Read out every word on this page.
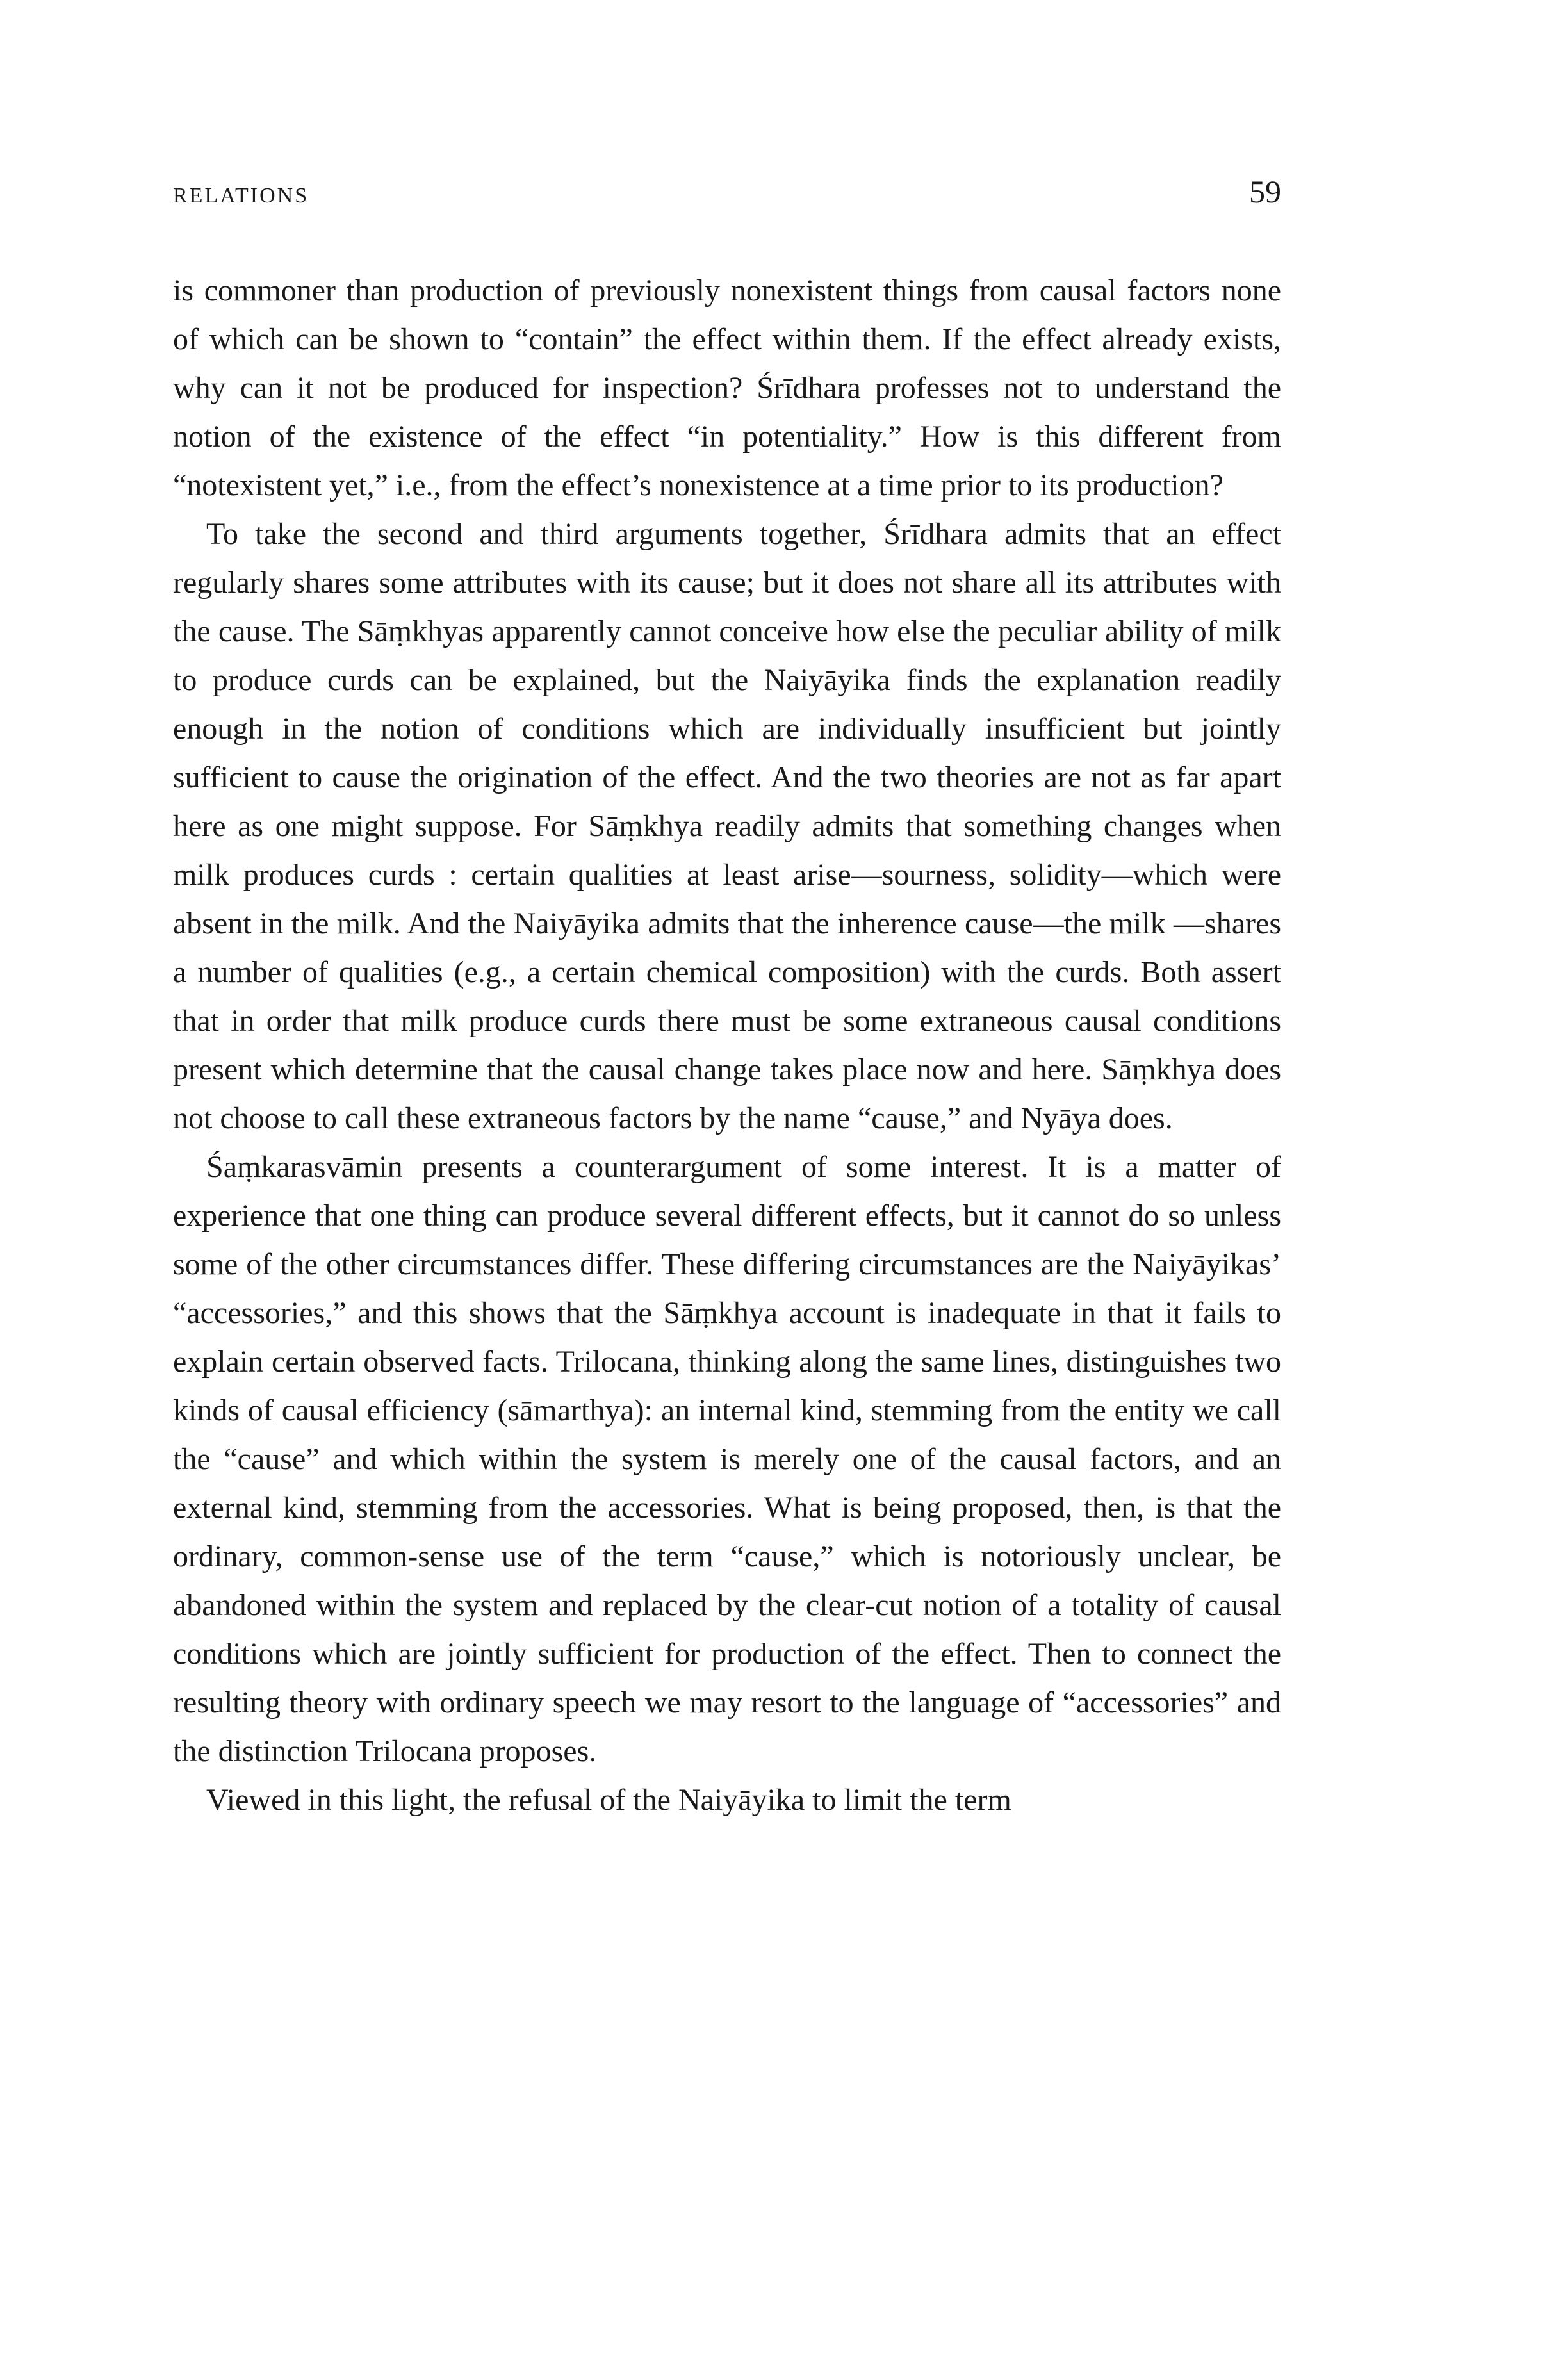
RELATIONS	59

is commoner than production of previously nonexistent things from causal factors none of which can be shown to “contain” the effect within them. If the effect already exists, why can it not be produced for inspection? Śrīdhara professes not to understand the notion of the existence of the effect “in potentiality.” How is this different from “notexistent yet,” i.e., from the effect’s nonexistence at a time prior to its production?

To take the second and third arguments together, Śrīdhara admits that an effect regularly shares some attributes with its cause; but it does not share all its attributes with the cause. The Sāṃkhyas apparently cannot conceive how else the peculiar ability of milk to produce curds can be explained, but the Naiyāyika finds the explanation readily enough in the notion of conditions which are individually insufficient but jointly sufficient to cause the origination of the effect. And the two theories are not as far apart here as one might suppose. For Sāṃkhya readily admits that something changes when milk produces curds : certain qualities at least arise—sourness, solidity—which were absent in the milk. And the Naiyāyika admits that the inherence cause—the milk —shares a number of qualities (e.g., a certain chemical composition) with the curds. Both assert that in order that milk produce curds there must be some extraneous causal conditions present which determine that the causal change takes place now and here. Sāṃkhya does not choose to call these extraneous factors by the name “cause,” and Nyāya does.

Śaṃkarasvāmin presents a counterargument of some interest. It is a matter of experience that one thing can produce several different effects, but it cannot do so unless some of the other circumstances differ. These differing circumstances are the Naiyāyikas’ “accessories,” and this shows that the Sāṃkhya account is inadequate in that it fails to explain certain observed facts. Trilocana, thinking along the same lines, distinguishes two kinds of causal efficiency (sāmarthya): an internal kind, stemming from the entity we call the “cause” and which within the system is merely one of the causal factors, and an external kind, stemming from the accessories. What is being proposed, then, is that the ordinary, common-sense use of the term “cause,” which is notoriously unclear, be abandoned within the system and replaced by the clear-cut notion of a totality of causal conditions which are jointly sufficient for production of the effect. Then to connect the resulting theory with ordinary speech we may resort to the language of “accessories” and the distinction Trilocana proposes.

Viewed in this light, the refusal of the Naiyāyika to limit the term
